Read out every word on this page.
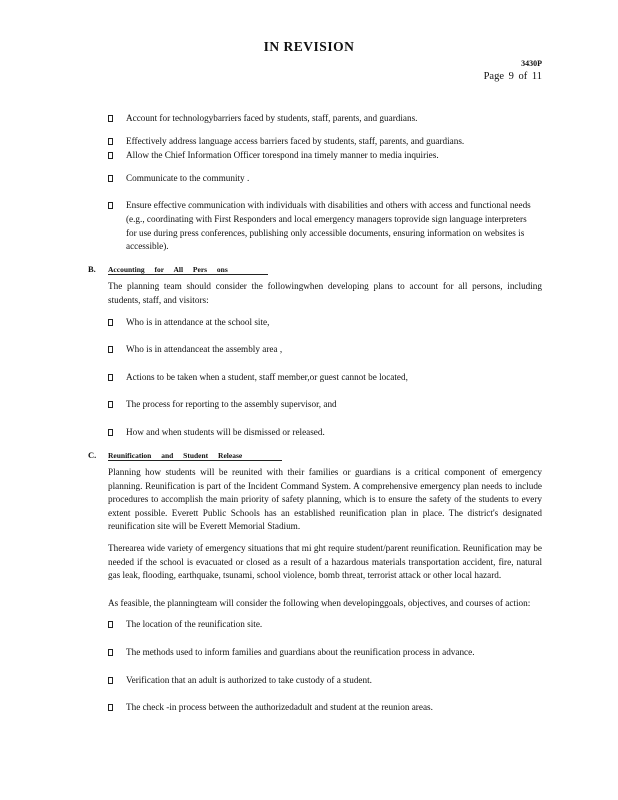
IN REVISION
3430P
Page 9 of 11
Account for technologybarriers faced by students, staff, parents, and guardians.
Effectively address language access barriers faced by students, staff, parents, and guardians.
Allow the Chief Information Officer torespond ina timely manner to media inquiries.
Communicate to the community .
Ensure effective communication with individuals with disabilities and others with access and functional needs (e.g., coordinating with First Responders and local emergency managers toprovide sign language interpreters for use during press conferences, publishing only accessible documents, ensuring information on websites is accessible).
B. Accounting for All Pers ons
The planning team should consider the followingwhen developing plans to account for all persons, including students, staff, and visitors:
Who is in attendance at the school site,
Who is in attendanceat the assembly area ,
Actions to be taken when a student, staff member,or guest cannot be located,
The process for reporting to the assembly supervisor, and
How and when students will be dismissed or released.
C. Reunification and Student Release
Planning how students will be reunited with their families or guardians is a critical component of emergency planning. Reunification is part of the Incident Command System. A comprehensive emergency plan needs to include procedures to accomplish the main priority of safety planning, which is to ensure the safety of the students to every extent possible. Everett Public Schools has an established reunification plan in place. The district's designated reunification site will be Everett Memorial Stadium.
Therearea wide variety of emergency situations that mi ght require student/parent reunification. Reunification may be needed if the school is evacuated or closed as a result of a hazardous materials transportation accident, fire, natural gas leak, flooding, earthquake, tsunami, school violence, bomb threat, terrorist attack or other local hazard.
As feasible, the planningteam will consider the following when developinggoals, objectives, and courses of action:
The location of the reunification site.
The methods used to inform families and guardians about the reunification process in advance.
Verification that an adult is authorized to take custody of a student.
The check -in process between the authorizedadult and student at the reunion areas.
